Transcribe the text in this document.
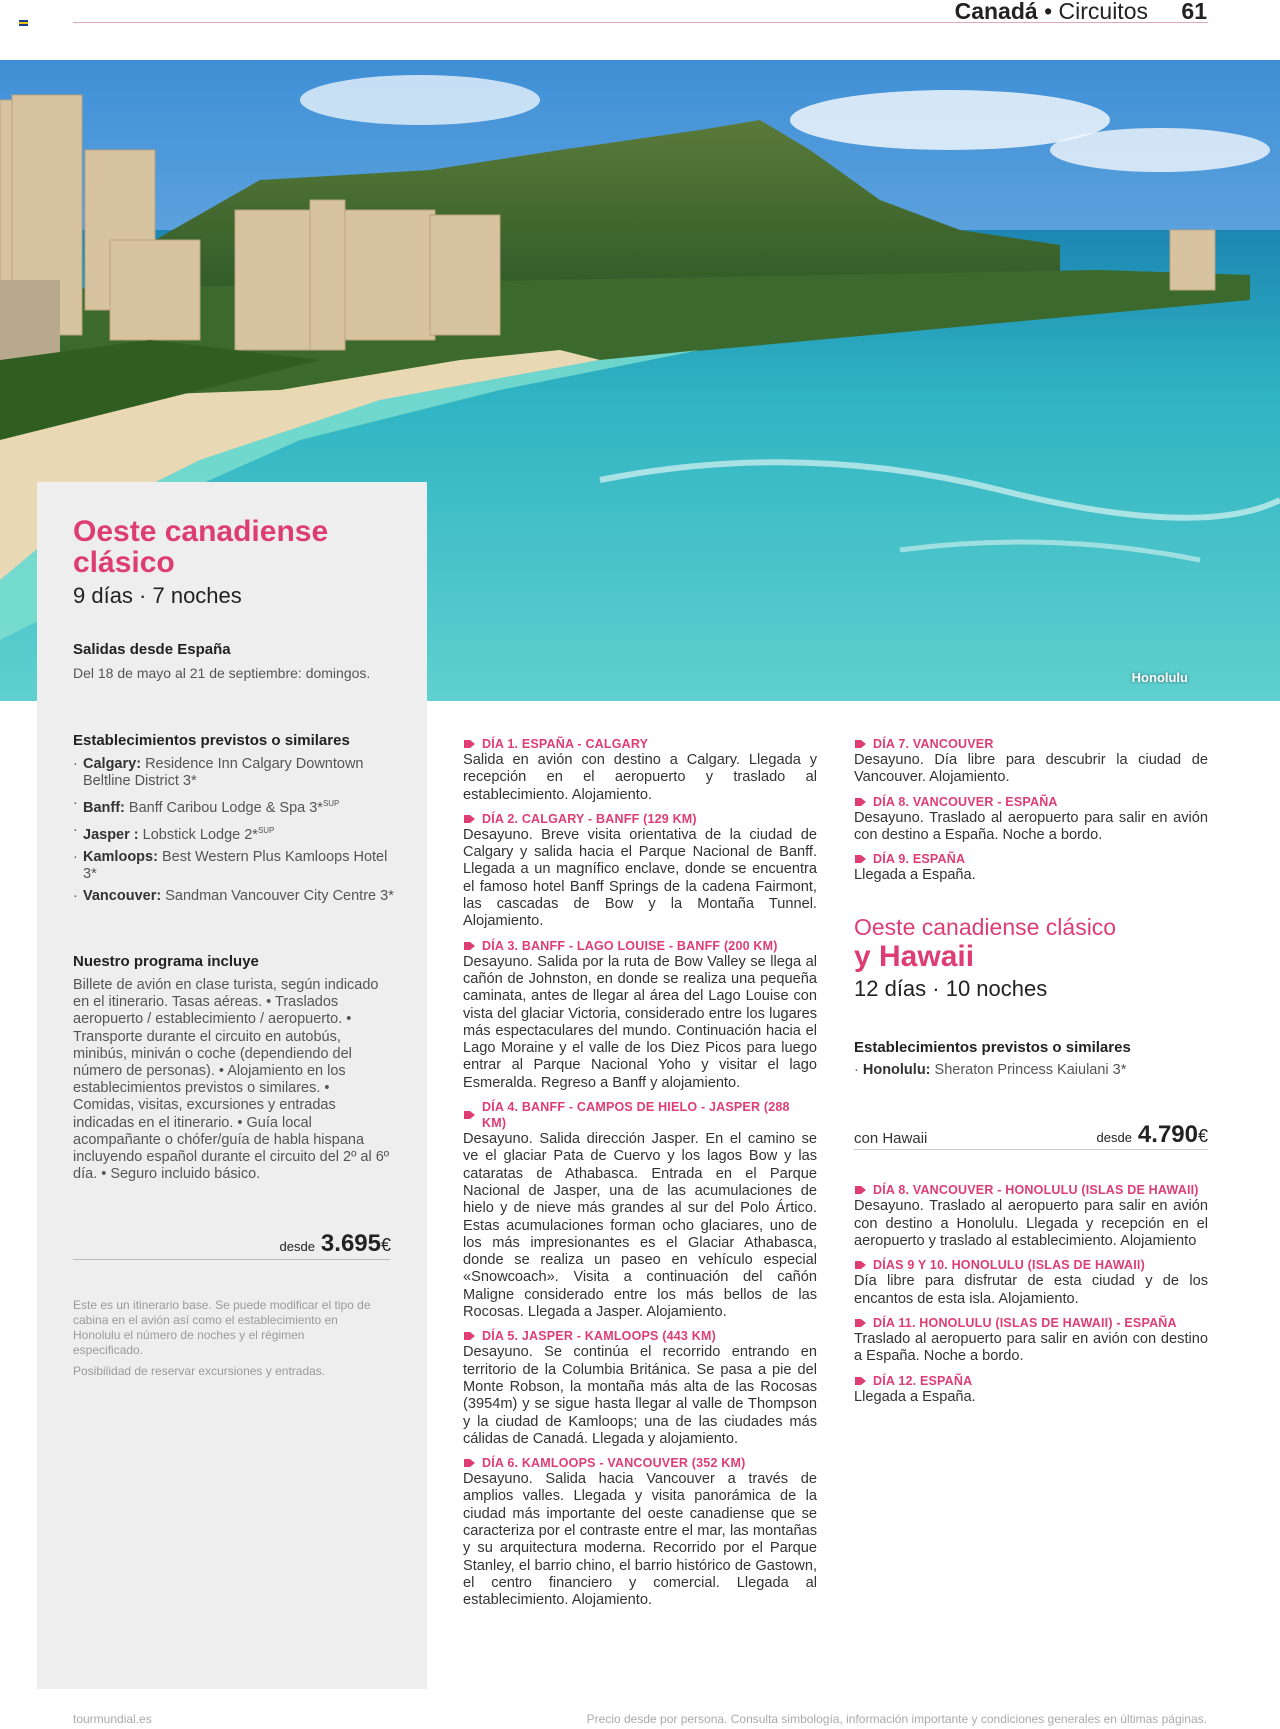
Canadá • Circuitos 61
Honolulu
Oeste canadiense clásico
9 días · 7 noches
Salidas desde España
Del 18 de mayo al 21 de septiembre: domingos.
Establecimientos previstos o similares
· Calgary: Residence Inn Calgary Downtown Beltline District 3*
· Banff: Banff Caribou Lodge & Spa 3*$^{SUP}$
· Jasper : Lobstick Lodge 2*$^{SUP}$
· Kamloops: Best Western Plus Kamloops Hotel 3*
· Vancouver: Sandman Vancouver City Centre 3*
Nuestro programa incluye
Billete de avión en clase turista, según indicado en el itinerario. Tasas aéreas. • Traslados aeropuerto / establecimiento / aeropuerto. • Transporte durante el circuito en autobús, minibús, miniván o coche (dependiendo del número de personas). • Alojamiento en los establecimientos previstos o similares. • Comidas, visitas, excursiones y entradas indicadas en el itinerario. • Guía local acompañante o chófer/guía de habla hispana incluyendo español durante el circuito del 2º al 6º día. • Seguro incluido básico.
desde 3.695€
Este es un itinerario base. Se puede modificar el tipo de cabina en el avión así como el establecimiento en Honolulu el número de noches y el régimen especificado.
Posibilidad de reservar excursiones y entradas.
DÍA 1. ESPAÑA - CALGARY
Salida en avión con destino a Calgary. Llegada y recepción en el aeropuerto y traslado al establecimiento. Alojamiento.
DÍA 2. CALGARY - BANFF (129 KM)
Desayuno. Breve visita orientativa de la ciudad de Calgary y salida hacia el Parque Nacional de Banff. Llegada a un magnífico enclave, donde se encuentra el famoso hotel Banff Springs de la cadena Fairmont, las cascadas de Bow y la Montaña Tunnel. Alojamiento.
DÍA 3. BANFF - LAGO LOUISE - BANFF (200 KM)
Desayuno. Salida por la ruta de Bow Valley se llega al cañón de Johnston, en donde se realiza una pequeña caminata, antes de llegar al área del Lago Louise con vista del glaciar Victoria, considerado entre los lugares más espectaculares del mundo. Continuación hacia el Lago Moraine y el valle de los Diez Picos para luego entrar al Parque Nacional Yoho y visitar el lago Esmeralda. Regreso a Banff y alojamiento.
DÍA 4. BANFF - CAMPOS DE HIELO - JASPER (288 KM)
Desayuno. Salida dirección Jasper. En el camino se ve el glaciar Pata de Cuervo y los lagos Bow y las cataratas de Athabasca. Entrada en el Parque Nacional de Jasper, una de las acumulaciones de hielo y de nieve más grandes al sur del Polo Ártico. Estas acumulaciones forman ocho glaciares, uno de los más impresionantes es el Glaciar Athabasca, donde se realiza un paseo en vehículo especial «Snowcoach». Visita a continuación del cañón Maligne considerado entre los más bellos de las Rocosas. Llegada a Jasper. Alojamiento.
DÍA 5. JASPER - KAMLOOPS (443 KM)
Desayuno. Se continúa el recorrido entrando en territorio de la Columbia Británica. Se pasa a pie del Monte Robson, la montaña más alta de las Rocosas (3954m) y se sigue hasta llegar al valle de Thompson y la ciudad de Kamloops; una de las ciudades más cálidas de Canadá. Llegada y alojamiento.
DÍA 6. KAMLOOPS - VANCOUVER (352 KM)
Desayuno. Salida hacia Vancouver a través de amplios valles. Llegada y visita panorámica de la ciudad más importante del oeste canadiense que se caracteriza por el contraste entre el mar, las montañas y su arquitectura moderna. Recorrido por el Parque Stanley, el barrio chino, el barrio histórico de Gastown, el centro financiero y comercial. Llegada al establecimiento. Alojamiento.
DÍA 7. VANCOUVER
Desayuno. Día libre para descubrir la ciudad de Vancouver. Alojamiento.
DÍA 8. VANCOUVER - ESPAÑA
Desayuno. Traslado al aeropuerto para salir en avión con destino a España. Noche a bordo.
DÍA 9. ESPAÑA
Llegada a España.
Oeste canadiense clásico
y Hawaii
12 días · 10 noches
Establecimientos previstos o similares
· Honolulu: Sheraton Princess Kaiulani 3*
con Hawaii	desde 4.790€
DÍA 8. VANCOUVER - HONOLULU (ISLAS DE HAWAII)
Desayuno. Traslado al aeropuerto para salir en avión con destino a Honolulu. Llegada y recepción en el aeropuerto y traslado al establecimiento. Alojamiento
DÍAS 9 Y 10. HONOLULU (ISLAS DE HAWAII)
Día libre para disfrutar de esta ciudad y de los encantos de esta isla. Alojamiento.
DÍA 11. HONOLULU (ISLAS DE HAWAII) - ESPAÑA
Traslado al aeropuerto para salir en avión con destino a España. Noche a bordo.
DÍA 12. ESPAÑA
Llegada a España.
tourmundial.es	Precio desde por persona. Consulta simbología, información importante y condiciones generales en últimas páginas.
